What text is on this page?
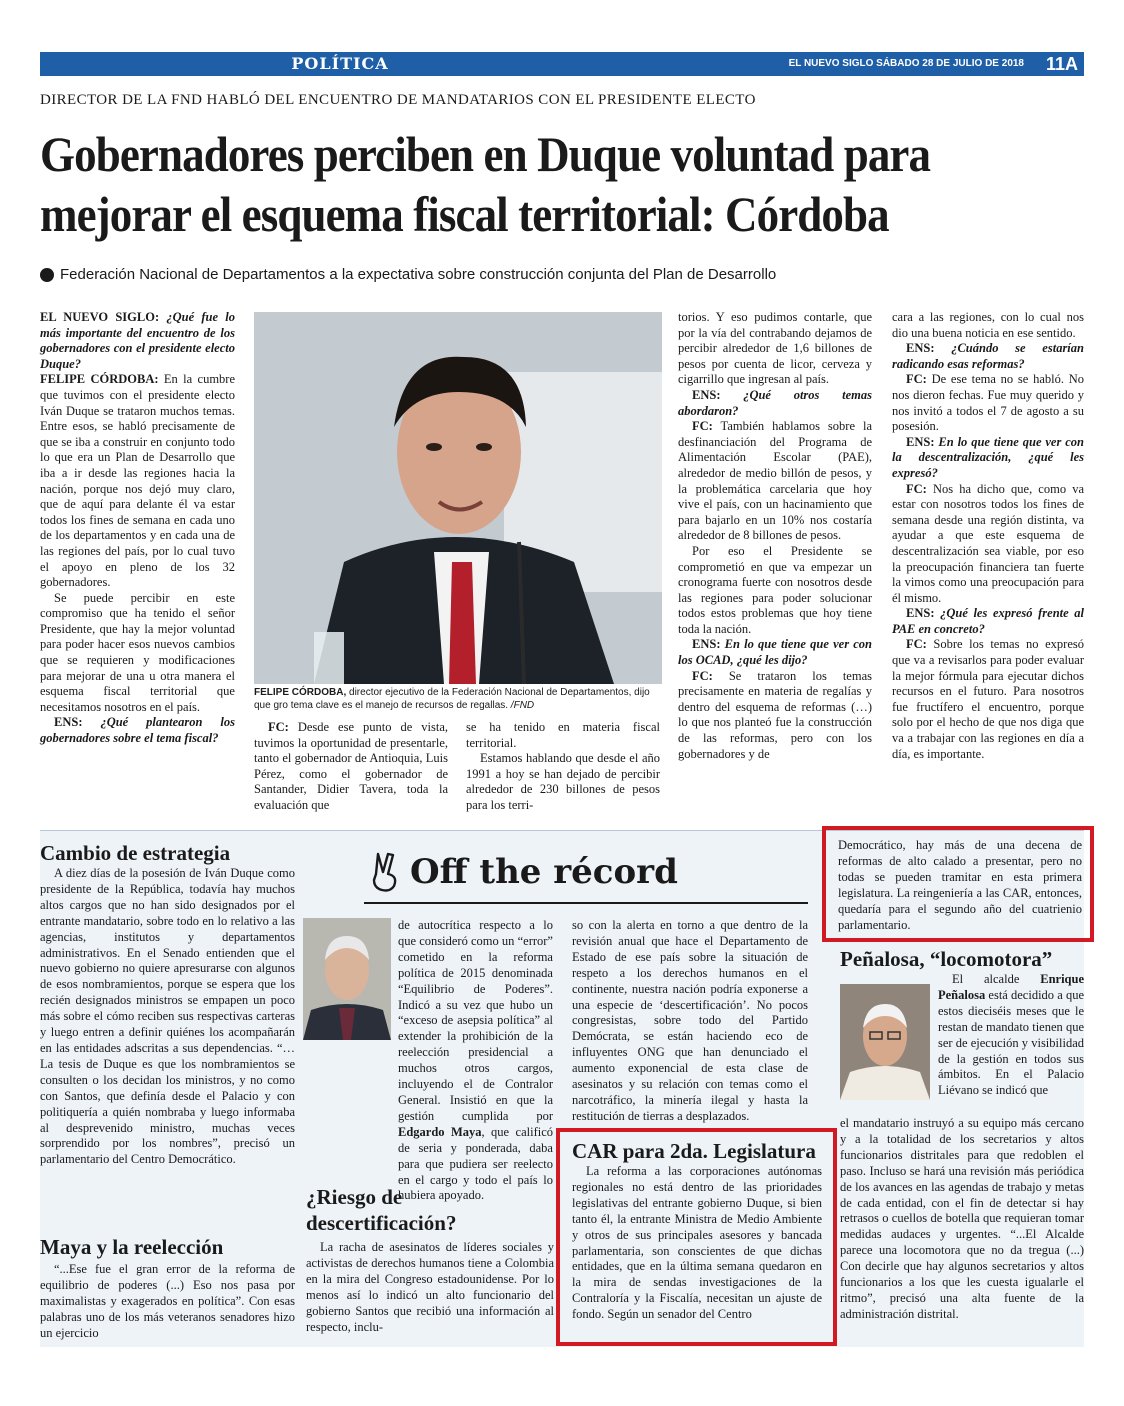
POLÍTICA	EL NUEVO SIGLO SÁBADO 28 DE JULIO DE 2018 11A
DIRECTOR DE LA FND HABLÓ DEL ENCUENTRO DE MANDATARIOS CON EL PRESIDENTE ELECTO
Gobernadores perciben en Duque voluntad para
mejorar el esquema fiscal territorial: Córdoba
Federación Nacional de Departamentos a la expectativa sobre construcción conjunta del Plan de Desarrollo

EL NUEVO SIGLO: ¿Qué fue lo más importante del encuentro de los gobernadores con el presidente electo Duque?

FELIPE CÓRDOBA: En la cumbre que tuvimos con el presidente electo Iván Duque se trataron muchos temas. Entre esos, se habló precisamente de que se iba a construir en conjunto todo lo que era un Plan de Desarrollo que iba a ir desde las regiones hacia la nación, porque nos dejó muy claro, que de aquí para delante él va estar todos los fines de semana en cada uno de los departamentos y en cada una de las regiones del país, por lo cual tuvo el apoyo en pleno de los 32 gobernadores.

Se puede percibir en este compromiso que ha tenido el señor Presidente, que hay la mejor voluntad para poder hacer esos nuevos cambios que se requieren y modificaciones para mejorar de una u otra manera el esquema fiscal territorial que necesitamos nosotros en el país.

ENS: ¿Qué plantearon los gobernadores sobre el tema fiscal?

FELIPE CÓRDOBA, director ejecutivo de la Federación Nacional de Departamentos, dijo que gro tema clave es el manejo de recursos de regallas. /FND

FC: Desde ese punto de vista, tuvimos la oportunidad de presentarle, tanto el gobernador de Antioquia, Luis Pérez, como el gobernador de Santander, Didier Tavera, toda la evaluación que

se ha tenido en materia fiscal territorial.

Estamos hablando que desde el año 1991 a hoy se han dejado de percibir alrededor de 230 billones de pesos para los terri-

torios. Y eso pudimos contarle, que por la vía del contrabando dejamos de percibir alrededor de 1,6 billones de pesos por cuenta de licor, cerveza y cigarrillo que ingresan al país.

ENS: ¿Qué otros temas abordaron?

FC: También hablamos sobre la desfinanciación del Programa de Alimentación Escolar (PAE), alrededor de medio billón de pesos, y la problemática carcelaria que hoy vive el país, con un hacinamiento que para bajarlo en un 10% nos costaría alrededor de 8 billones de pesos.

Por eso el Presidente se comprometió en que va empezar un cronograma fuerte con nosotros desde las regiones para poder solucionar todos estos problemas que hoy tiene toda la nación.

ENS: En lo que tiene que ver con los OCAD, ¿qué les dijo?

FC: Se trataron los temas precisamente en materia de regalías y dentro del esquema de reformas (…) lo que nos planteó fue la construcción de las reformas, pero con los gobernadores y de

cara a las regiones, con lo cual nos dio una buena noticia en ese sentido.

ENS: ¿Cuándo se estarían radicando esas reformas?

FC: De ese tema no se habló. No nos dieron fechas. Fue muy querido y nos invitó a todos el 7 de agosto a su posesión.

ENS: En lo que tiene que ver con la descentralización, ¿qué les expresó?

FC: Nos ha dicho que, como va estar con nosotros todos los fines de semana desde una región distinta, va ayudar a que este esquema de descentralización sea viable, por eso la preocupación financiera tan fuerte la vimos como una preocupación para él mismo.

ENS: ¿Qué les expresó frente al PAE en concreto?

FC: Sobre los temas no expresó que va a revisarlos para poder evaluar la mejor fórmula para ejecutar dichos recursos en el futuro. Para nosotros fue fructífero el encuentro, porque solo por el hecho de que nos diga que va a trabajar con las regiones en día a día, es importante.

Off the récord
Cambio de estrategia

A diez días de la posesión de Iván Duque como presidente de la República, todavía hay muchos altos cargos que no han sido designados por el entrante mandatario, sobre todo en lo relativo a las agencias, institutos y departamentos administrativos. En el Senado entienden que el nuevo gobierno no quiere apresurarse con algunos de esos nombramientos, porque se espera que los recién designados ministros se empapen un poco más sobre el cómo reciben sus respectivas carteras y luego entren a definir quiénes los acompañarán en las entidades adscritas a sus dependencias. “…La tesis de Duque es que los nombramientos se consulten o los decidan los ministros, y no como con Santos, que definía desde el Palacio y con politiquería a quién nombraba y luego informaba al desprevenido ministro, muchas veces sorprendido por los nombres”, precisó un parlamentario del Centro Democrático.

Maya y la reelección

“...Ese fue el gran error de la reforma de equilibrio de poderes (...) Eso nos pasa por maximalistas y exagerados en política”. Con esas palabras uno de los más veteranos senadores hizo un ejercicio

de autocrítica respecto a lo que consideró como un “error” cometido en la reforma política de 2015 denominada “Equilibrio de Poderes”. Indicó a su vez que hubo un “exceso de asepsia política” al extender la prohibición de la reelección presidencial a muchos otros cargos, incluyendo el de Contralor General. Insistió en que la gestión cumplida por Edgardo Maya, que calificó de seria y ponderada, daba para que pudiera ser reelecto en el cargo y todo el país lo hubiera apoyado.

¿Riesgo de descertificación?

La racha de asesinatos de líderes sociales y activistas de derechos humanos tiene a Colombia en la mira del Congreso estadounidense. Por lo menos así lo indicó un alto funcionario del gobierno Santos que recibió una información al respecto, inclu-

so con la alerta en torno a que dentro de la revisión anual que hace el Departamento de Estado de ese país sobre la situación de respeto a los derechos humanos en el continente, nuestra nación podría exponerse a una especie de ‘descertificación’. No pocos congresistas, sobre todo del Partido Demócrata, se están haciendo eco de influyentes ONG que han denunciado el aumento exponencial de esta clase de asesinatos y su relación con temas como el narcotráfico, la minería ilegal y hasta la restitución de tierras a desplazados.

CAR para 2da. Legislatura

La reforma a las corporaciones autónomas regionales no está dentro de las prioridades legislativas del entrante gobierno Duque, si bien tanto él, la entrante Ministra de Medio Ambiente y otros de sus principales asesores y bancada parlamentaria, son conscientes de que dichas entidades, que en la última semana quedaron en la mira de sendas investigaciones de la Contraloría y la Fiscalía, necesitan un ajuste de fondo. Según un senador del Centro

Democrático, hay más de una decena de reformas de alto calado a presentar, pero no todas se pueden tramitar en esta primera legislatura. La reingeniería a las CAR, entonces, quedaría para el segundo año del cuatrienio parlamentario.

Peñalosa, “locomotora”

El alcalde Enrique Peñalosa está decidido a que estos dieciséis meses que le restan de mandato tienen que ser de ejecución y visibilidad de la gestión en todos sus ámbitos. En el Palacio Liévano se indicó que

el mandatario instruyó a su equipo más cercano y a la totalidad de los secretarios y altos funcionarios distritales para que redoblen el paso. Incluso se hará una revisión más periódica de los avances en las agendas de trabajo y metas de cada entidad, con el fin de detectar si hay retrasos o cuellos de botella que requieran tomar medidas audaces y urgentes. “...El Alcalde parece una locomotora que no da tregua (...) Con decirle que hay algunos secretarios y altos funcionarios a los que les cuesta igualarle el ritmo”, precisó una alta fuente de la administración distrital.
